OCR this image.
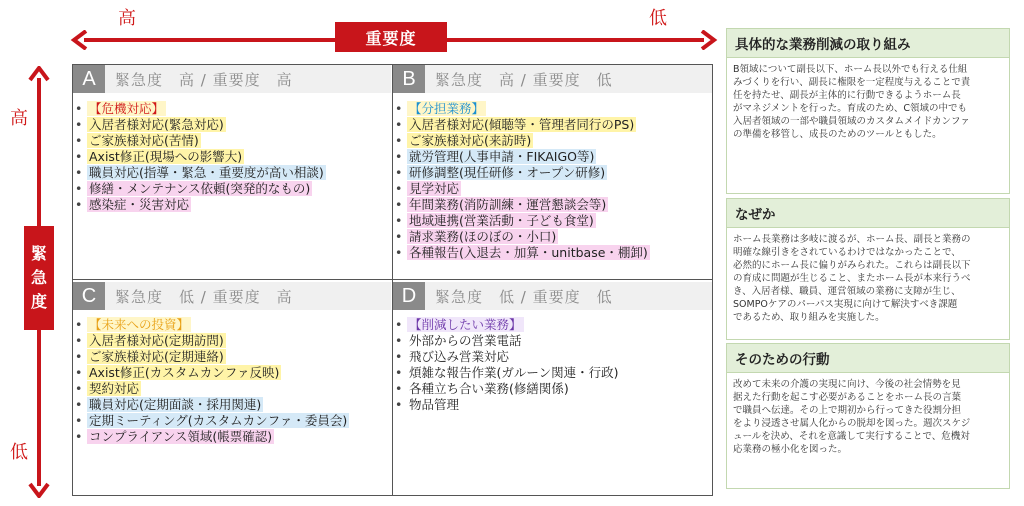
高	低
重要度
高
低
緊
急
度
A	緊急度　高 / 重要度　高
• 【危機対応】
• 入居者様対応(緊急対応)
• ご家族様対応(苦情)
• Axist修正(現場への影響大)
• 職員対応(指導・緊急・重要度が高い相談)
• 修繕・メンテナンス依頼(突発的なもの)
• 感染症・災害対応
B	緊急度　高 / 重要度　低
• 【分担業務】
• 入居者様対応(傾聴等・管理者同行のPS)
• ご家族様対応(来訪時)
• 就労管理(人事申請・FIKAIGO等)
• 研修調整(現任研修・オープン研修)
• 見学対応
• 年間業務(消防訓練・運営懇談会等)
• 地域連携(営業活動・子ども食堂)
• 請求業務(ほのぼの・小口)
• 各種報告(入退去・加算・unitbase・棚卸)
C	緊急度　低 / 重要度　高
• 【未来への投資】
• 入居者様対応(定期訪問)
• ご家族様対応(定期連絡)
• Axist修正(カスタムカンファ反映)
• 契約対応
• 職員対応(定期面談・採用関連)
• 定期ミーティング(カスタムカンファ・委員会)
• コンプライアンス領域(帳票確認)
D	緊急度　低 / 重要度　低
• 【削減したい業務】
• 外部からの営業電話
• 飛び込み営業対応
• 煩雑な報告作業(ガルーン関連・行政)
• 各種立ち合い業務(修繕関係)
• 物品管理
具体的な業務削減の取り組み
B領域について副長以下、ホーム長以外でも行える仕組
みづくりを行い、副長に権限を一定程度与えることで責
任を持たせ、副長が主体的に行動できるようホーム長
がマネジメントを行った。育成のため、C領域の中でも
入居者領域の一部や職員領域のカスタムメイドカンファ
の準備を移管し、成長のためのツールともした。
なぜか
ホーム長業務は多岐に渡るが、ホーム長、副長と業務の
明確な線引きをされているわけではなかったことで、
必然的にホーム長に偏りがみられた。これらは副長以下
の育成に問題が生じること、またホーム長が本来行うべ
き、入居者様、職員、運営領域の業務に支障が生じ、
SOMPOケアのパーパス実現に向けて解決すべき課題
であるため、取り組みを実施した。
そのための行動
改めて未来の介護の実現に向け、今後の社会情勢を見
据えた行動を起こす必要があることをホーム長の言葉
で職員へ伝達。その上で期初から行ってきた役割分担
をより浸透させ属人化からの脱却を図った。週次スケジ
ュールを決め、それを意識して実行することで、危機対
応業務の極小化を図った。
